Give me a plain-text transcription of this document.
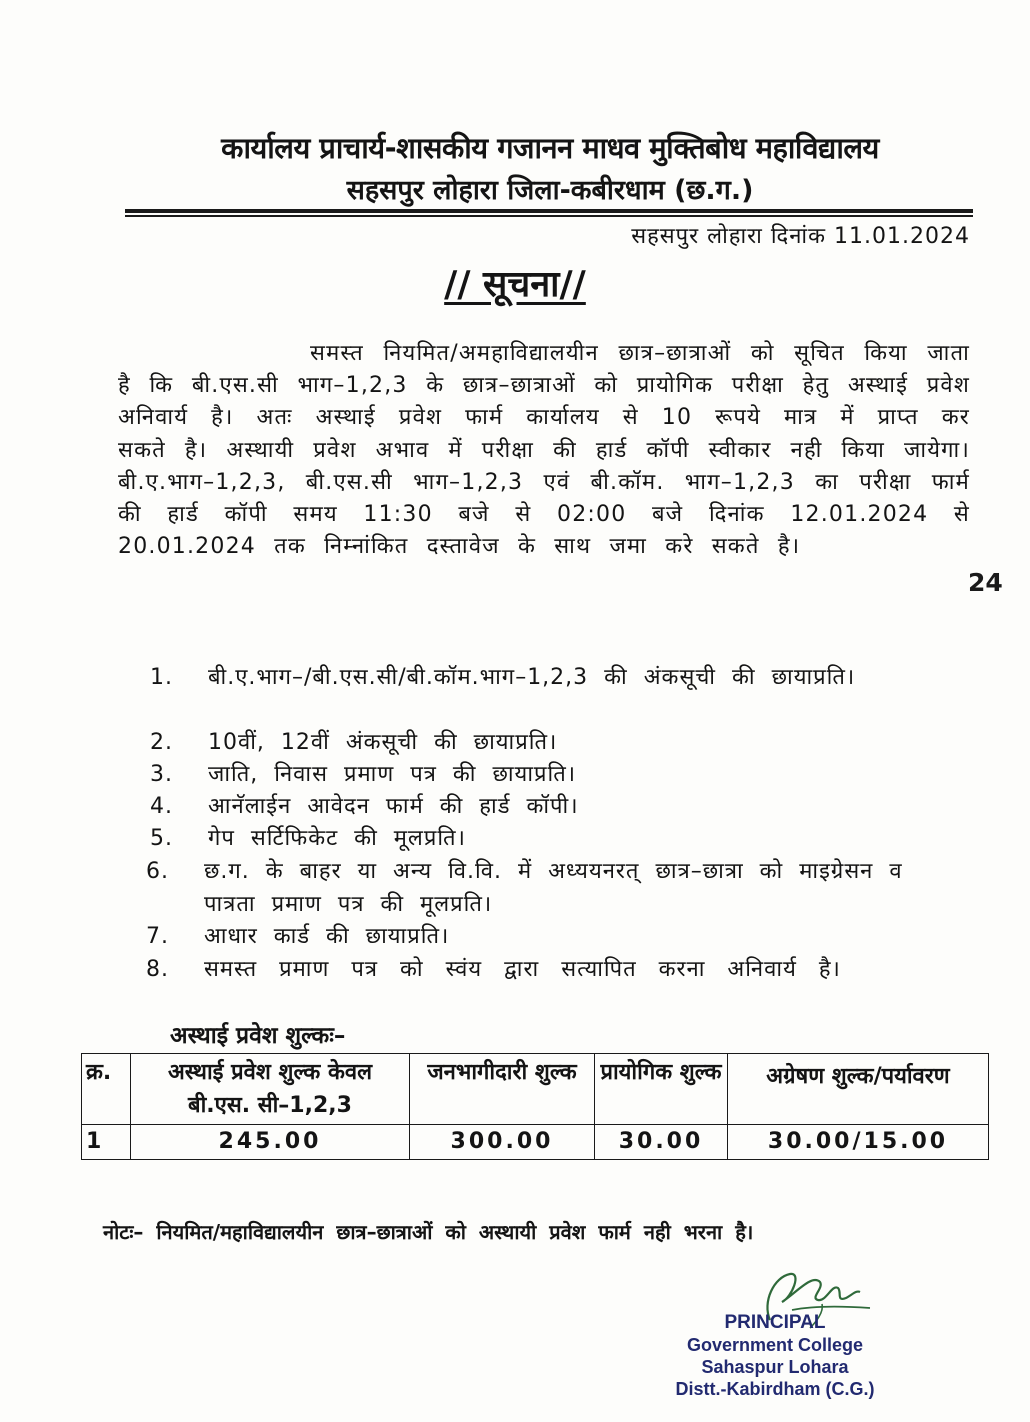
कार्यालय प्राचार्य-शासकीय गजानन माधव मुक्तिबोध महाविद्यालय
सहसपुर लोहारा जिला-कबीरधाम (छ.ग.)
सहसपुर लोहारा दिनांक 11.01.2024
// सूचना//
समस्त नियमित/अमहाविद्यालयीन छात्र–छात्राओं को सूचित किया जाता है कि बी.एस.सी भाग–1,2,3 के छात्र–छात्राओं को प्रायोगिक परीक्षा हेतु अस्थाई प्रवेश अनिवार्य है। अतः अस्थाई प्रवेश फार्म कार्यालय से 10 रूपये मात्र में प्राप्त कर सकते है। अस्थायी प्रवेश अभाव में परीक्षा की हार्ड कॉपी स्वीकार नही किया जायेगा। बी.ए.भाग–1,2,3, बी.एस.सी भाग–1,2,3 एवं बी.कॉम. भाग–1,2,3 का परीक्षा फार्म की हार्ड कॉपी समय 11:30 बजे से 02:00 बजे दिनांक 12.01.2024 से 20.01.2024 तक निम्नांकित दस्तावेज के साथ जमा करे सकते है।
24
1.	बी.ए.भाग–/बी.एस.सी/बी.कॉम.भाग–1,2,3 की अंकसूची की छायाप्रति।
2.	10वीं, 12वीं अंकसूची की छायाप्रति।
3.	जाति, निवास प्रमाण पत्र की छायाप्रति।
4.	आनॅलाईन आवेदन फार्म की हार्ड कॉपी।
5.	गेप सर्टिफिकेट की मूलप्रति।
6.	छ.ग. के बाहर या अन्य वि.वि. में अध्ययनरत् छात्र–छात्रा को माइग्रेसन व पात्रता प्रमाण पत्र की मूलप्रति।
7.	आधार कार्ड की छायाप्रति।
8.	समस्त प्रमाण पत्र को स्वंय द्वारा सत्यापित करना अनिवार्य है।
अस्थाई प्रवेश शुल्कः–
क्र.	अस्थाई प्रवेश शुल्क केवल बी.एस. सी–1,2,3	जनभागीदारी शुल्क	प्रायोगिक शुल्क	अग्रेषण शुल्क/पर्यावरण
1	245.00	300.00	30.00	30.00/15.00
नोटः– नियमित/महाविद्यालयीन छात्र–छात्राओं को अस्थायी प्रवेश फार्म नही भरना है।
PRINCIPAL
Government College
Sahaspur Lohara
Distt.-Kabirdham (C.G.)
